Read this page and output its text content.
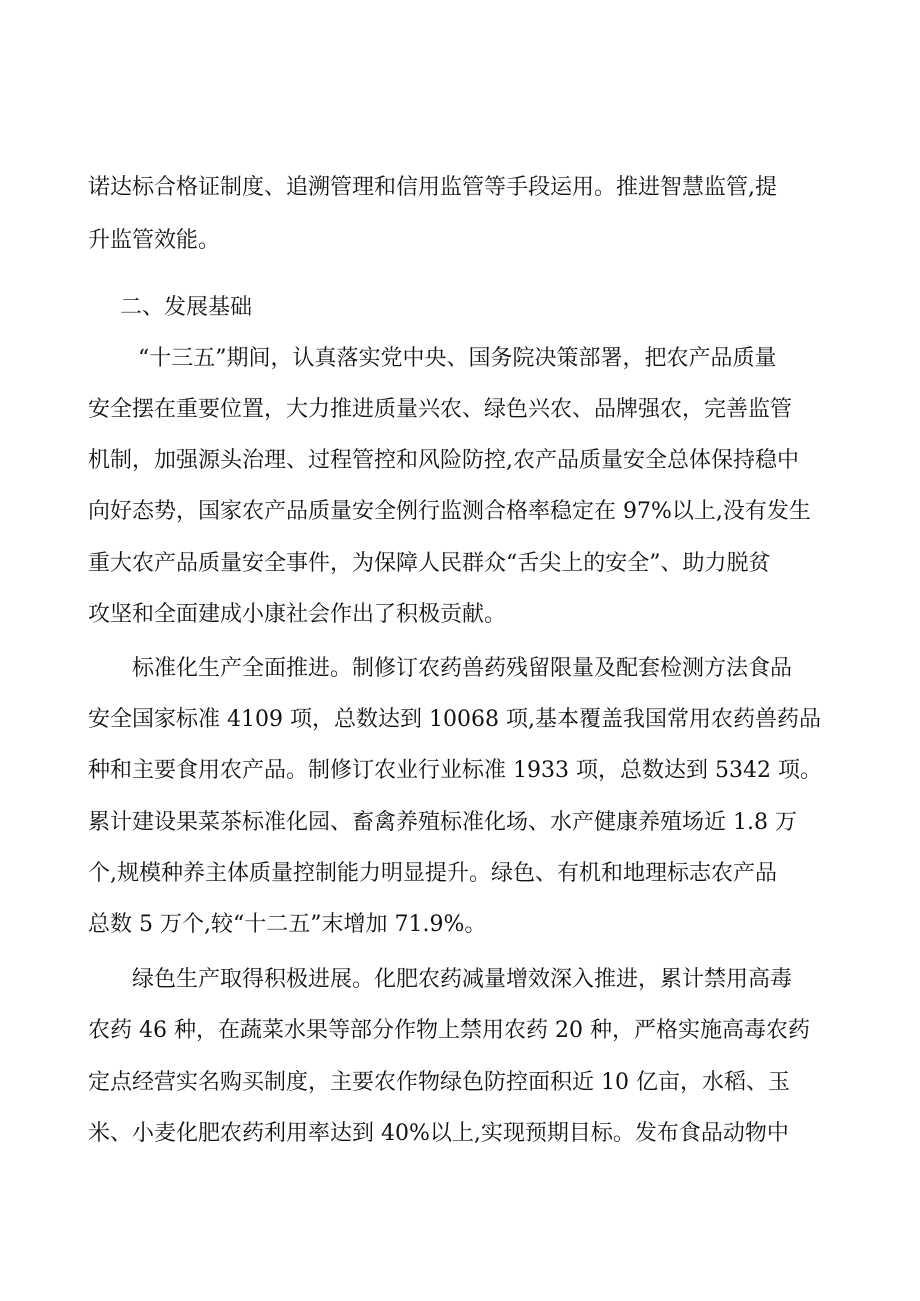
诺达标合格证制度、追溯管理和信用监管等手段运用。推进智慧监管,提
升监管效能。
二、发展基础
“十三五”期间，认真落实党中央、国务院决策部署，把农产品质量
安全摆在重要位置，大力推进质量兴农、绿色兴农、品牌强农，完善监管
机制，加强源头治理、过程管控和风险防控,农产品质量安全总体保持稳中
向好态势，国家农产品质量安全例行监测合格率稳定在 97%以上,没有发生
重大农产品质量安全事件，为保障人民群众“舌尖上的安全”、助力脱贫
攻坚和全面建成小康社会作出了积极贡献。
标准化生产全面推进。制修订农药兽药残留限量及配套检测方法食品
安全国家标准 4109 项，总数达到 10068 项,基本覆盖我国常用农药兽药品
种和主要食用农产品。制修订农业行业标准 1933 项，总数达到 5342 项。
累计建设果菜茶标准化园、畜禽养殖标准化场、水产健康养殖场近 1.8 万
个,规模种养主体质量控制能力明显提升。绿色、有机和地理标志农产品
总数 5 万个,较“十二五”末增加 71.9%。
绿色生产取得积极进展。化肥农药减量增效深入推进，累计禁用高毒
农药 46 种，在蔬菜水果等部分作物上禁用农药 20 种，严格实施高毒农药
定点经营实名购买制度，主要农作物绿色防控面积近 10 亿亩，水稻、玉
米、小麦化肥农药利用率达到 40%以上,实现预期目标。发布食品动物中
